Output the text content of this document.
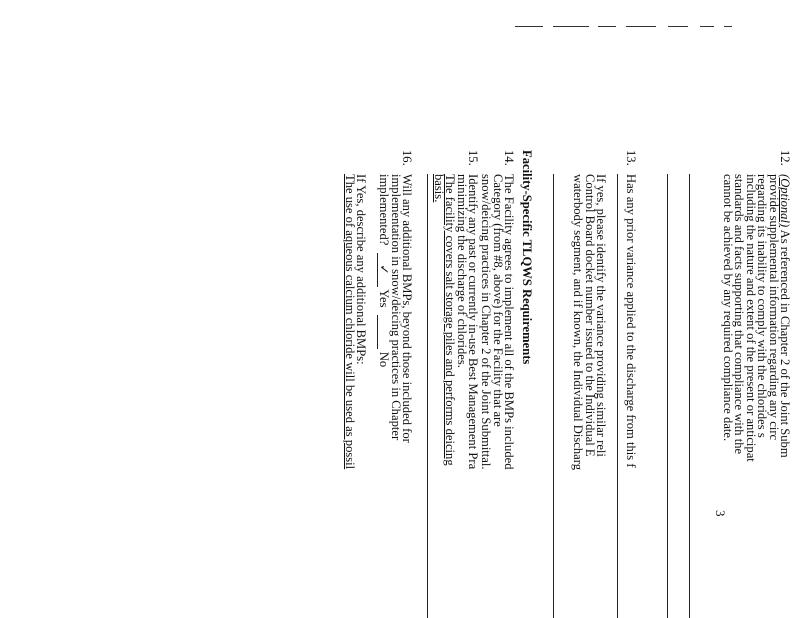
12.
(Optional) As referenced in Chapter 2 of the Joint Subm
provide supplemental information regarding any circ
regarding its inability to comply with the chlorides s
including the nature and extent of the present or anticipat
standards and facts supporting that compliance with the
cannot be achieved by any required compliance date.
13.
Has any prior variance applied to the discharge from this f
If yes, please identify the variance providing similar reli
Control Board docket number issued to the Individual E
waterbody segment, and if known, the Individual Discharg
Facility-Specific TLQWS Requirements
14.
The Facility agrees to implement all of the BMPs included
Category (from #8, above) for the Facility that are
snow/deicing practices in Chapter 2 of the Joint Submittal.
15.
Identify any past or currently in-use Best Management Pra
minimizing the discharge of chlorides.
The facility covers salt storage piles and performs deicing
basis.
16.
Will any additional BMPs, beyond those included for
implementation in snow/deicing practices in Chapter
implemented? ✓ Yes   No
If Yes, describe any additional BMPs:
The use of aqueous calcium chloride will be used as possil
3
